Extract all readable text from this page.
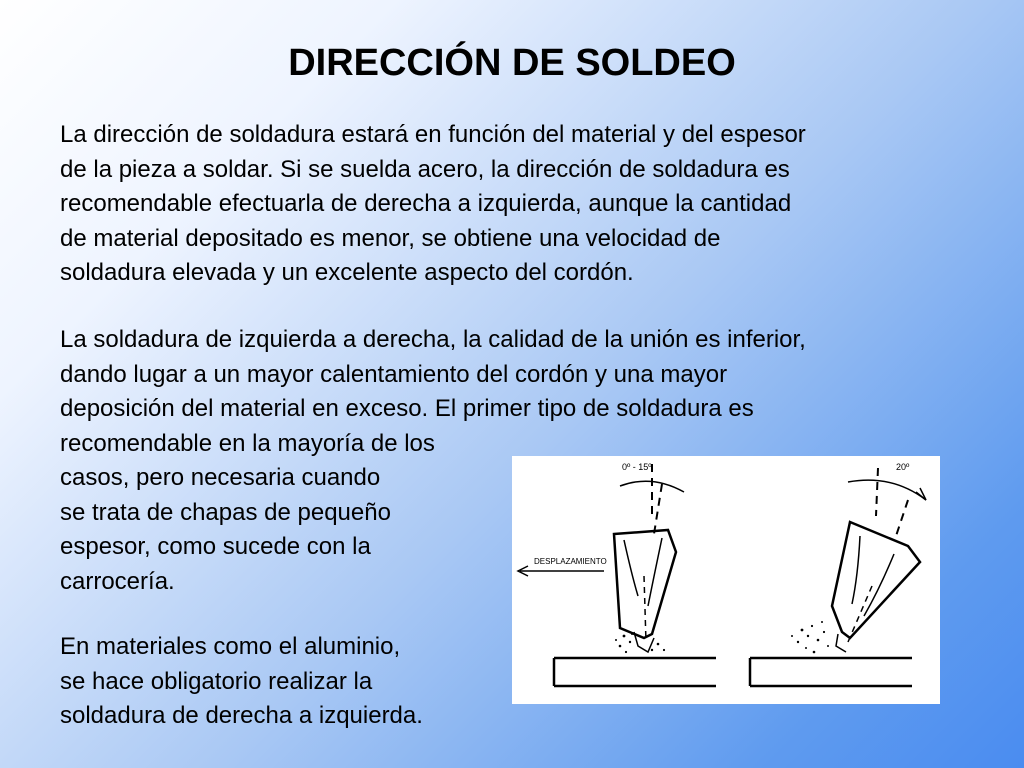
DIRECCIÓN DE SOLDEO

La dirección de soldadura estará en función del material y del espesor
de la pieza a soldar. Si se suelda acero, la dirección de soldadura es
recomendable efectuarla de derecha a izquierda, aunque la cantidad
de material depositado es menor, se obtiene una velocidad de
soldadura elevada y un excelente aspecto del cordón.

La soldadura de izquierda a derecha, la calidad de la unión es inferior,
dando lugar a un mayor calentamiento del cordón y una mayor
deposición del material en exceso. El primer tipo de soldadura es
recomendable en la mayoría de los
casos, pero necesaria cuando
se trata de chapas de pequeño
espesor, como sucede con la
carrocería.

En materiales como el aluminio,
se hace obligatorio realizar la
soldadura de derecha a izquierda.

0º - 15º	20º
DESPLAZAMIENTO
